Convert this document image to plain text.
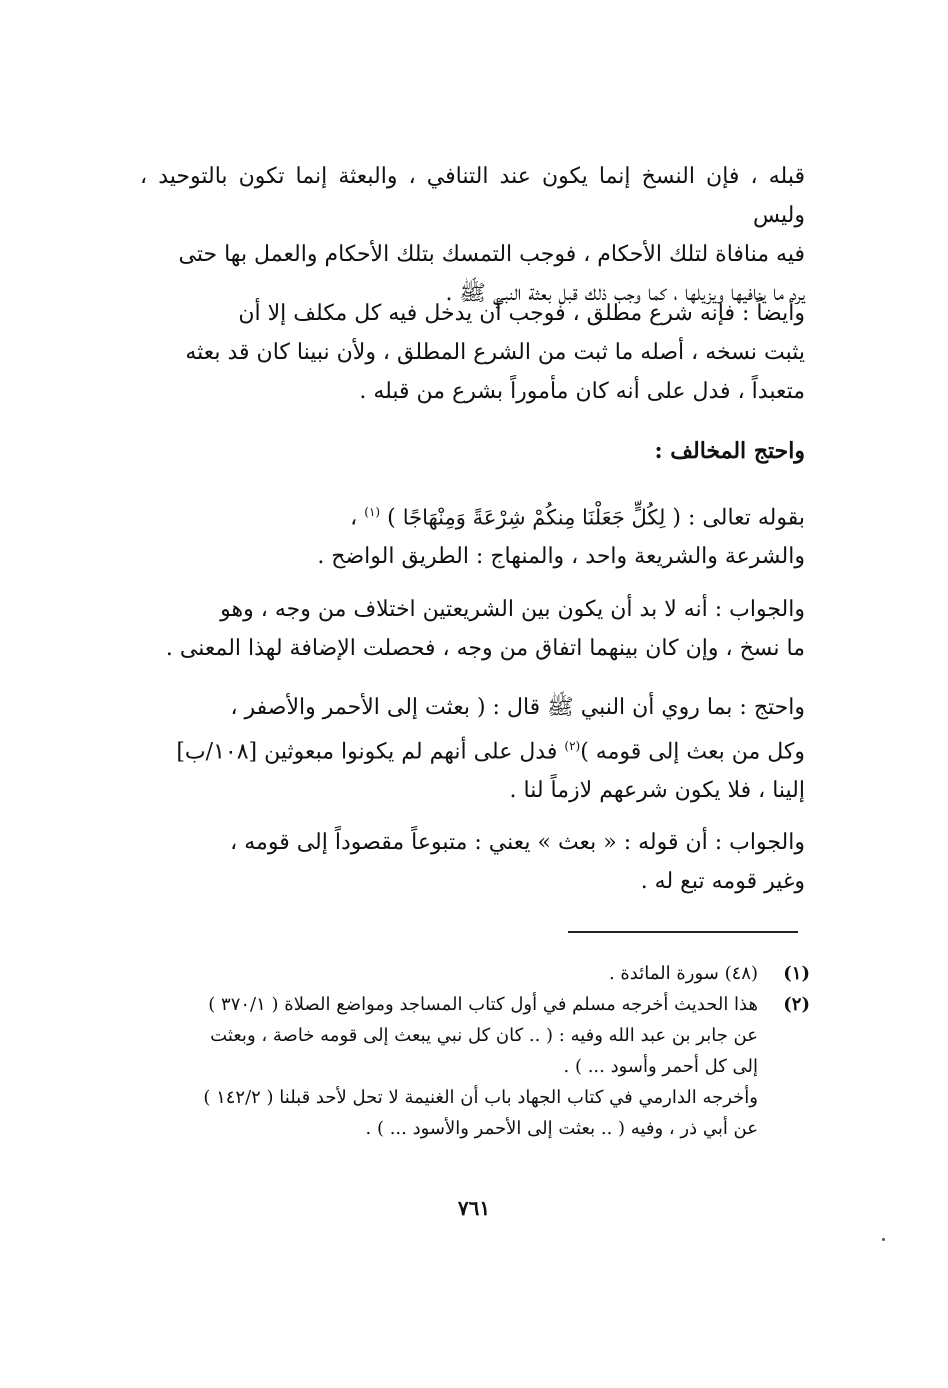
قبله ، فإن النسخ إنما يكون عند التنافي ، والبعثة إنما تكون بالتوحيد ، وليس
فيه منافاة لتلك الأحكام ، فوجب التمسك بتلك الأحكام والعمل بها حتى
يرد ما ينافيها ويزيلها ، كما وجب ذلك قبل بعثة النبي ﷺ .
وأيضاً : فإنه شرع مطلق ، فوجب أن يدخل فيه كل مكلف إلا أن
يثبت نسخه ، أصله ما ثبت من الشرع المطلق ، ولأن نبينا كان قد بعثه
متعبداً ، فدل على أنه كان مأموراً بشرع من قبله .
واحتج المخالف :
بقوله تعالى : ( لِكُلٍّ جَعَلْنَا مِنكُمْ شِرْعَةً وَمِنْهَاجًا ) $^{(١)}$ ،
والشرعة والشريعة واحد ، والمنهاج : الطريق الواضح .
والجواب : أنه لا بد أن يكون بين الشريعتين اختلاف من وجه ، وهو
ما نسخ ، وإن كان بينهما اتفاق من وجه ، فحصلت الإضافة لهذا المعنى .
واحتج : بما روي أن النبي ﷺ قال : ( بعثت إلى الأحمر والأصفر ،
وكل من بعث إلى قومه )$^{(٢)}$ فدل على أنهم لم يكونوا مبعوثين [١٠٨/ب]
إلينا ، فلا يكون شرعهم لازماً لنا .
والجواب : أن قوله : « بعث » يعني : متبوعاً مقصوداً إلى قومه ،
وغير قومه تبع له .
(١)
(٤٨) سورة المائدة .
(٢)
هذا الحديث أخرجه مسلم في أول كتاب المساجد ومواضع الصلاة ( ٣٧٠/١ )
عن جابر بن عبد الله وفيه : ( .. كان كل نبي يبعث إلى قومه خاصة ، وبعثت
إلى كل أحمر وأسود ... ) .
وأخرجه الدارمي في كتاب الجهاد باب أن الغنيمة لا تحل لأحد قبلنا ( ١٤٢/٢ )
عن أبي ذر ، وفيه ( .. بعثت إلى الأحمر والأسود ... ) .
٧٦١
